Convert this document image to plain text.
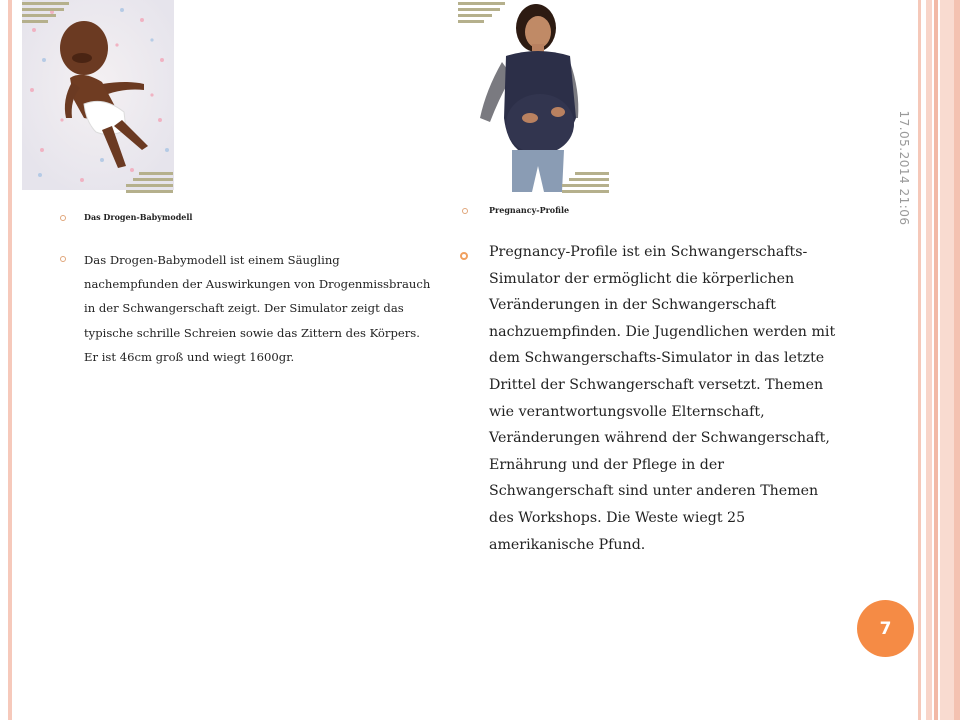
Das Drogen-Babymodell

Das Drogen-Babymodell ist einem Säugling nachempfunden der Auswirkungen von Drogenmissbrauch in der Schwangerschaft zeigt. Der Simulator zeigt das typische schrille Schreien sowie das Zittern des Körpers. Er ist 46cm groß und wiegt 1600gr.

Pregnancy-Profile

Pregnancy-Profile ist ein Schwangerschafts-Simulator der ermöglicht die körperlichen Veränderungen in der Schwangerschaft nachzuempfinden. Die Jugendlichen werden mit dem Schwangerschafts-Simulator in das letzte Drittel der Schwangerschaft versetzt. Themen wie verantwortungsvolle Elternschaft, Veränderungen während der Schwangerschaft, Ernährung und der Pflege in der Schwangerschaft sind unter anderen Themen des Workshops. Die Weste wiegt 25 amerikanische Pfund.

17.05.2014 21:06
7
